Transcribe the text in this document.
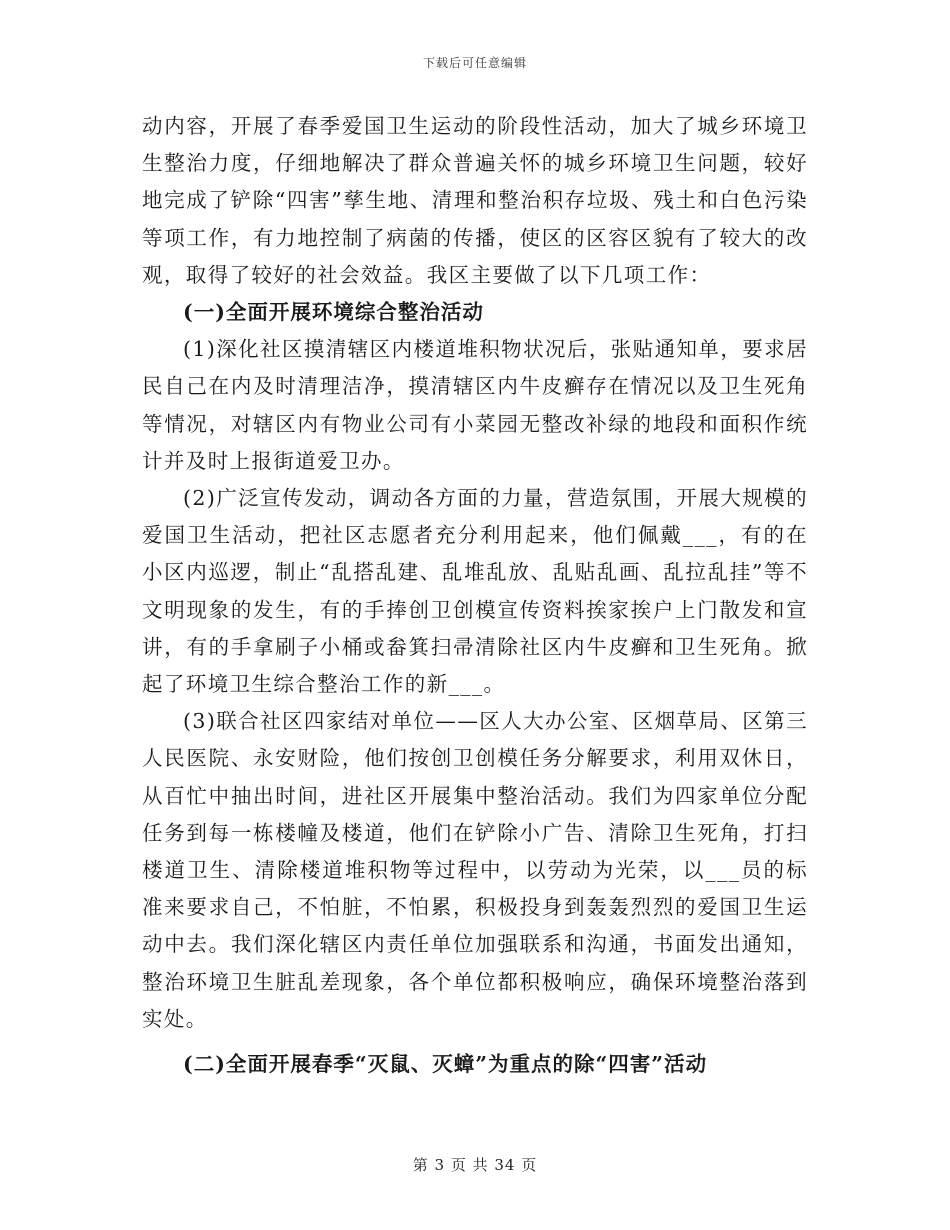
下载后可任意编辑

动内容，开展了春季爱国卫生运动的阶段性活动，加大了城乡环境卫生整治力度，仔细地解决了群众普遍关怀的城乡环境卫生问题，较好地完成了铲除“四害”孳生地、清理和整治积存垃圾、残土和白色污染等项工作，有力地控制了病菌的传播，使区的区容区貌有了较大的改观，取得了较好的社会效益。我区主要做了以下几项工作：

(一)全面开展环境综合整治活动

(1)深化社区摸清辖区内楼道堆积物状况后，张贴通知单，要求居民自己在内及时清理洁净，摸清辖区内牛皮癣存在情况以及卫生死角等情况，对辖区内有物业公司有小菜园无整改补绿的地段和面积作统计并及时上报街道爱卫办。

(2)广泛宣传发动，调动各方面的力量，营造氛围，开展大规模的爱国卫生活动，把社区志愿者充分利用起来，他们佩戴___，有的在小区内巡逻，制止“乱搭乱建、乱堆乱放、乱贴乱画、乱拉乱挂”等不文明现象的发生，有的手捧创卫创模宣传资料挨家挨户上门散发和宣讲，有的手拿刷子小桶或畚箕扫帚清除社区内牛皮癣和卫生死角。掀起了环境卫生综合整治工作的新___。

(3)联合社区四家结对单位——区人大办公室、区烟草局、区第三人民医院、永安财险，他们按创卫创模任务分解要求，利用双休日，从百忙中抽出时间，进社区开展集中整治活动。我们为四家单位分配任务到每一栋楼幢及楼道，他们在铲除小广告、清除卫生死角，打扫楼道卫生、清除楼道堆积物等过程中，以劳动为光荣，以___员的标准来要求自己，不怕脏，不怕累，积极投身到轰轰烈烈的爱国卫生运动中去。我们深化辖区内责任单位加强联系和沟通，书面发出通知，整治环境卫生脏乱差现象，各个单位都积极响应，确保环境整治落到实处。

(二)全面开展春季“灭鼠、灭蟑”为重点的除“四害”活动

第 3 页 共 34 页
